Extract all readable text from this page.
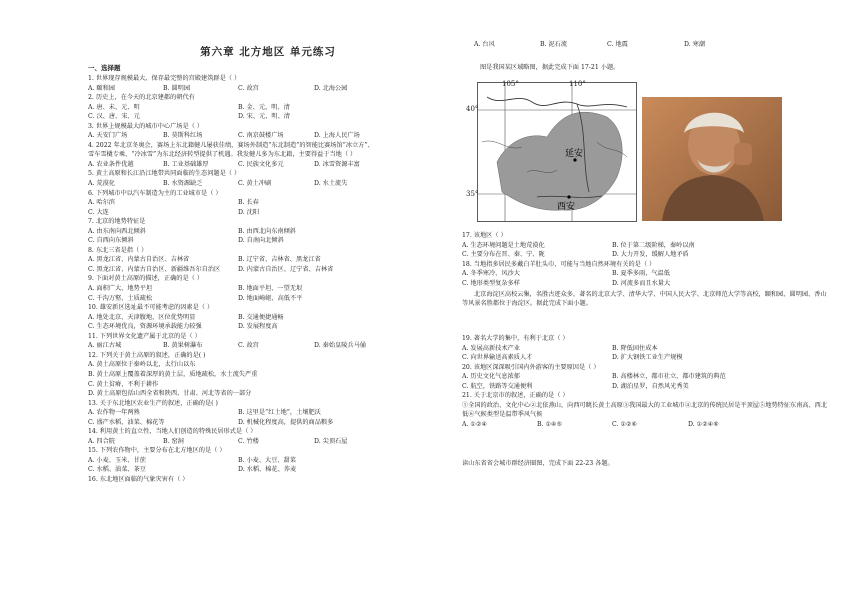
第六章 北方地区 单元练习
一、选择题
1. 世界现存规模最大、保存最完整的宫殿建筑群是（ ）
A. 颐和园	B. 圆明园	C. 故宫	D. 北海公园
2. 历史上，在今天的北京建都的朝代有
A. 唐、未、元、明	B. 金、元、明、清
C. 汉、唐、宋、元	D. 宋、元、明、清
3. 世界上规模最大的城市中心广场是（ ）
A. 天安门广场	B. 莫斯科红场	C. 南京鼓楼广场	D. 上海人民广场
4. 2022 年北京冬奥会，赛场上东北籍健儿屡获佳绩，赛场外制造“东北制造”的智能比赛场馆“冰立方”、
雪车雪橇专乘，“冷冰雪”为东北经济转型提供了机遇。我发健儿多为东北籍，主要得益于当地（ ）
A. 农业条件优越	B. 工业基础雄厚	C. 民族文化多元	D. 冰雪资源丰富
5. 黄土高原和长江沿江地带共同面临的生态问题是（ ）
A. 荒漠化	B. 水资源缺乏	C. 黄土冲刷	D. 水土流失
6. 下列城市中以汽车制造为主的工业城市是（ ）
A. 哈尔滨	B. 长春
C. 大连	D. 沈阳
7. 北京的地势特征是
A. 由东南向西北倾斜	B. 由西北向东南倾斜
C. 自西向东倾斜	D. 自南向北倾斜
8. 东北三省是指（ ）
A. 黑龙江省、内蒙古自治区、吉林省	B. 辽宁省、吉林省、黑龙江省
C. 黑龙江省、内蒙古自治区、新疆维吾尔自治区	D. 内蒙古自治区、辽宁省、吉林省
9. 下面对黄土高原的描述，正确的是（ ）
A. 面积广大、地势平坦	B. 地面平坦、一望无垠
C. 千沟万壑、土质疏松	D. 地面崎岖、高低不平
10. 雄安新区选址最不可能考虑的因素是（ ）
A. 地处北京、天津腹地，区位优势明显	B. 交通便捷通畅
C. 生态环境优良，资源环境承载能力较强	D. 发展程度高
11. 下列世界文化遗产属于北京的是（ ）
A. 丽江古城	B. 黄果树瀑布	C. 故宫	D. 秦始皇陵兵马俑
12. 下列关于黄土高原的叙述，正确的是( )
A. 黄土高原位于秦岭以北，太行山以东
B. 黄土高原上覆盖着深厚的黄土层，质地疏松，水土流失严重
C. 黄土贫瘠，不利于耕作
D. 黄土高原包括山西全省和陕西、甘肃、河北等省的一部分
13. 关于东北地区农业生产的叙述，正确的是( )
A. 农作物一年两熟	B. 这里是“红土地”，土壤肥沃
C. 盛产水稻、油菜、棉花等	D. 机械化程度高，提供的商品粮多
14. 利用黄土的直立性，当地人们创造的特殊民居形式是（ ）
A. 四合院	B. 窑洞	C. 竹楼	D. 尖顶石屋
15. 下列农作物中，主要分布在北方地区的是（ ）
A. 小麦、玉米、甘蔗	B. 小麦、大豆、甜菜
C. 水稻、油菜、茶豆	D. 水稻、棉花、荞麦
16. 东北地区面临的气象灾害有（ ）
A. 台风	B. 泥石流	C. 地震	D. 寒潮
图是我国某区域略图，据此完成下面 17-21 小题。
延安
西安
105°	110°
40°
35°
17. 该地区（ ）
A. 生态环境问题是土地荒漠化	B. 位于第二级阶梯，秦岭以南
C. 主要分布在晋、秦、宁、陇	D. 大力开发，缓解人地矛盾
18. 当地指多居民多戴白羊肚头巾，可能与当地自然环境有关的是（ ）
A. 冬季寒冷、风沙大	B. 夏季多雨，气温低
C. 地形类型复杂多样	D. 河流多而且水量大
北京海淀区高校云集，名胜古迹众多，著名的北京大学、清华大学、中国人民大学、北京师范大学等高校，颐和园、圆明园、香山等风景名胜都位于海淀区。据此完成下面小题。
19. 著名大学的集中，有利于北京（ ）
A. 发展高新技术产业	B. 降低固住成本
C. 向世界输送高素质人才	D. 扩大钢铁工业生产规模
20. 该地区深深吸引国内外游客的主要原因是（ ）
A. 历史文化气息浓郁	B. 高楼林立，都市社立，都市建筑的典范
C. 航空，铁路等交通便利	D. 湖泊星罗，自然风光秀美
21. 关于北京市的叙述，正确的是（ ）
①全国的政治、文化中心②北依燕山，向西可眺长黄土高原③我国最大的工业城市④北京的传统民居是平顶屋⑤地势特征东南高、西北低⑥气候类型是温带季风气候
A. ①②④	B. ①④⑤	C. ①②⑥	D. ①②④⑥
读山东省省会城市群经济圈图，完成下面 22-23 各题。
